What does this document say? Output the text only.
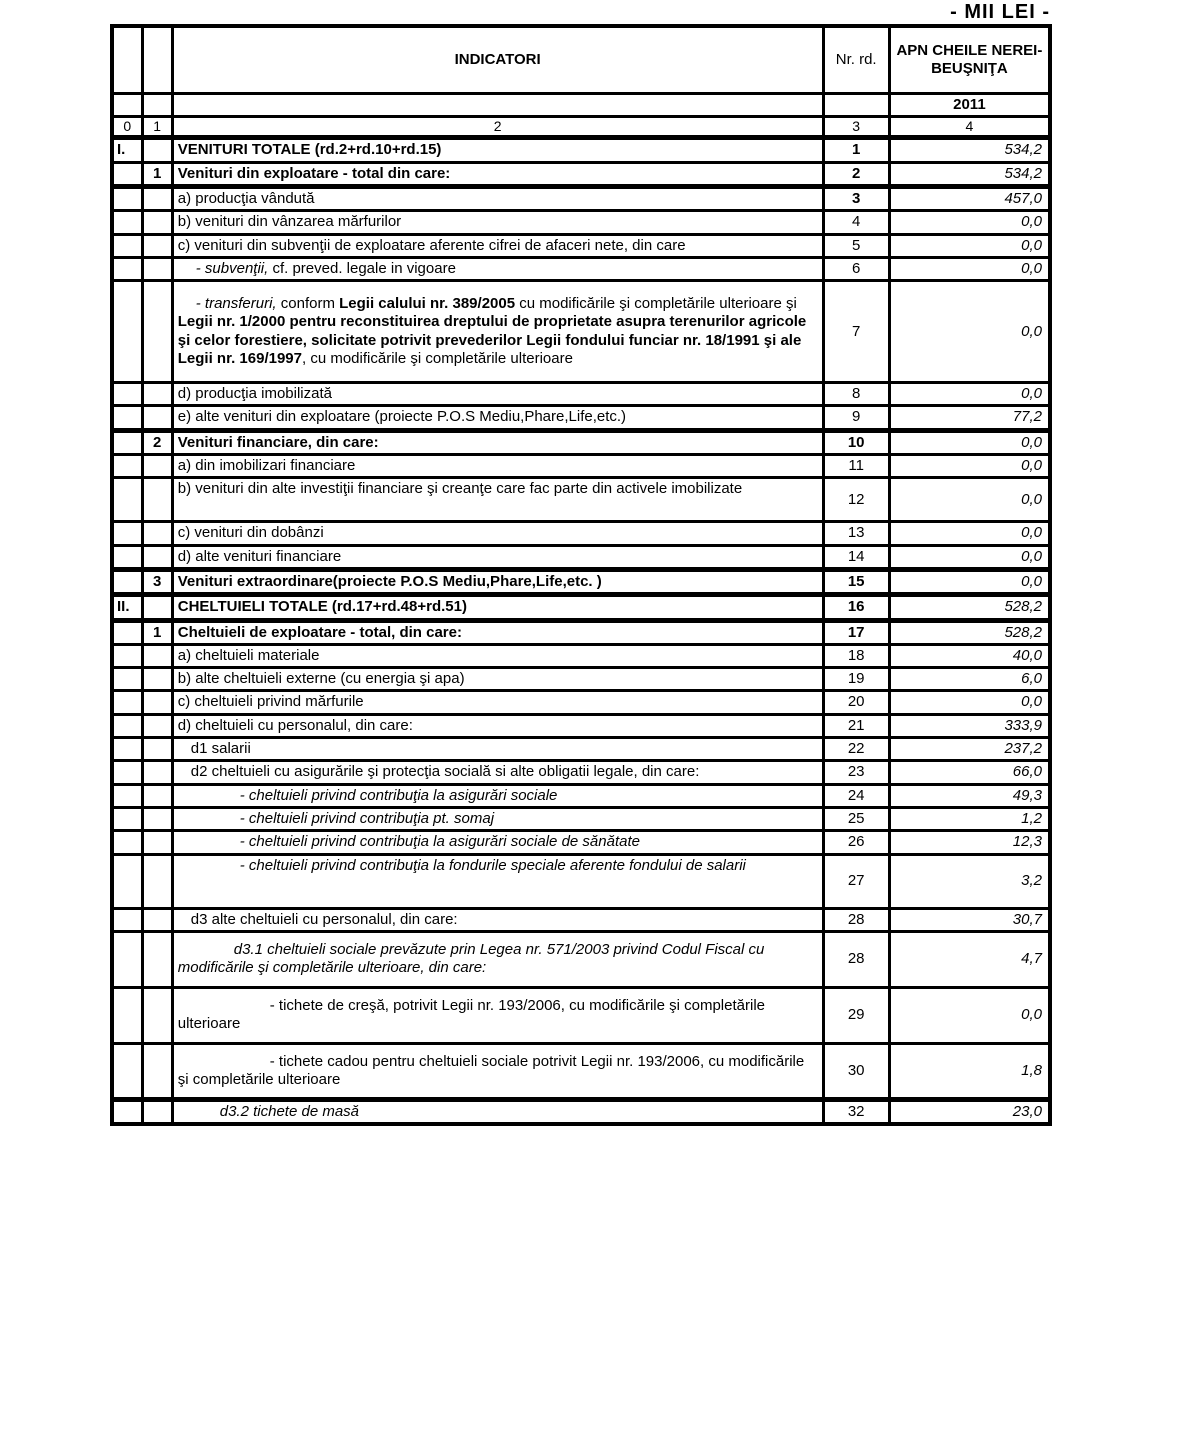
- MII LEI -
		INDICATORI	Nr. rd.	APN CHEILE NEREI-BEUŞNIŢA
				2011
0	1	2	3	4
I.		VENITURI TOTALE (rd.2+rd.10+rd.15)	1	534,2
	1	Venituri din exploatare - total din care:	2	534,2
		a) producţia vândută	3	457,0
		b) venituri din vânzarea mărfurilor	4	0,0
		c) venituri din subvenţii de exploatare aferente cifrei de afaceri nete, din care	5	0,0
		- subvenţii, cf. preved. legale in vigoare	6	0,0
		- transferuri, conform Legii calului nr. 389/2005 cu modificările şi completările ulterioare şi Legii nr. 1/2000 pentru reconstituirea dreptului de proprietate asupra terenurilor agricole şi celor forestiere, solicitate potrivit prevederilor Legii fondului funciar nr. 18/1991 şi ale Legii nr. 169/1997, cu modificările şi completările ulterioare	7	0,0
		d) producţia imobilizată	8	0,0
		e) alte venituri din exploatare (proiecte P.O.S Mediu,Phare,Life,etc.)	9	77,2
	2	Venituri financiare, din care:	10	0,0
		a) din imobilizari financiare	11	0,0
		b) venituri din alte investiţii financiare şi creanţe care fac parte din activele imobilizate	12	0,0
		c) venituri din dobânzi	13	0,0
		d) alte venituri financiare	14	0,0
	3	Venituri extraordinare(proiecte P.O.S Mediu,Phare,Life,etc. )	15	0,0
II.		CHELTUIELI TOTALE (rd.17+rd.48+rd.51)	16	528,2
	1	Cheltuieli de exploatare - total, din care:	17	528,2
		a) cheltuieli materiale	18	40,0
		b) alte cheltuieli externe (cu energia şi apa)	19	6,0
		c) cheltuieli privind mărfurile	20	0,0
		d) cheltuieli cu personalul, din care:	21	333,9
		d1 salarii	22	237,2
		d2 cheltuieli cu asigurările şi protecţia socială si alte obligatii legale, din care:	23	66,0
		- cheltuieli privind contribuţia la asigurări sociale	24	49,3
		- cheltuieli privind contribuţia pt. somaj	25	1,2
		- cheltuieli privind contribuţia la asigurări sociale de sănătate	26	12,3
		- cheltuieli privind contribuţia la fondurile speciale aferente fondului de salarii	27	3,2
		d3 alte cheltuieli cu personalul, din care:	28	30,7
		d3.1 cheltuieli sociale prevăzute prin Legea nr. 571/2003 privind Codul Fiscal cu modificările şi completările ulterioare, din care:	28	4,7
		- tichete de creşă, potrivit Legii nr. 193/2006, cu modificările şi completările ulterioare	29	0,0
		- tichete cadou pentru cheltuieli sociale potrivit Legii nr. 193/2006, cu modificările şi completările ulterioare	30	1,8
		d3.2 tichete de masă	32	23,0
